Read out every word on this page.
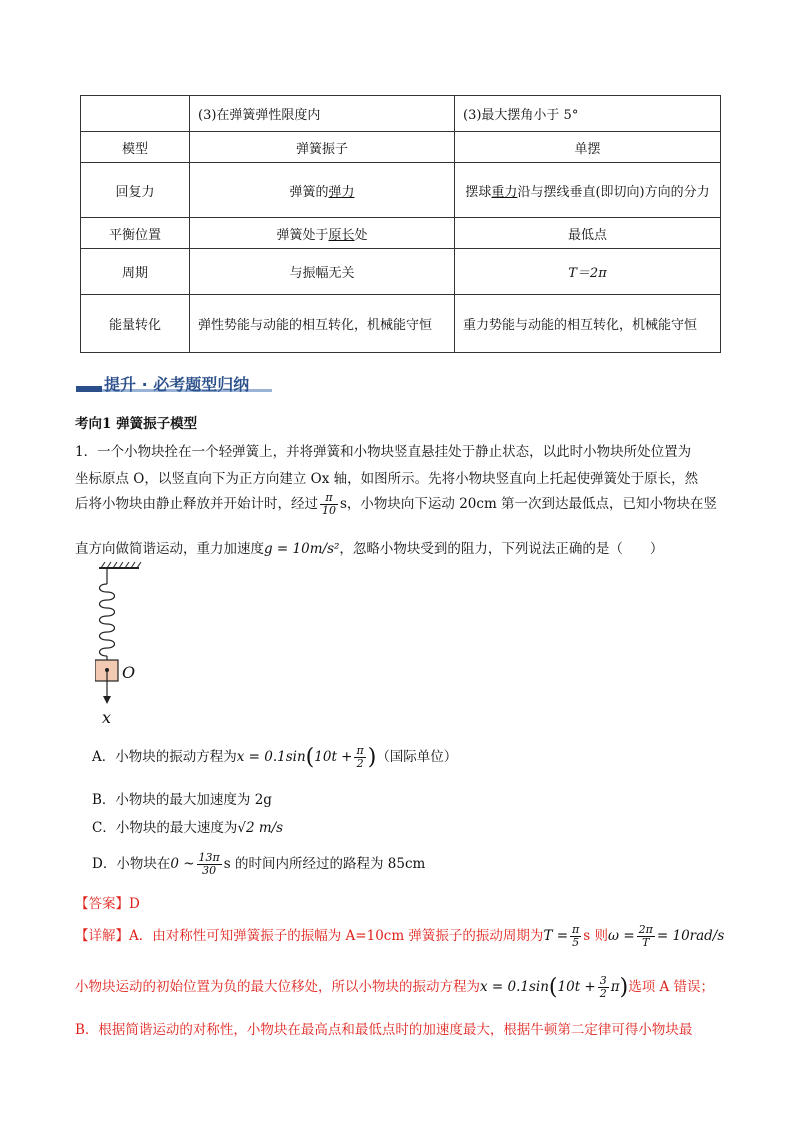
	(3)在弹簧弹性限度内	(3)最大摆角小于 5°
模型	弹簧振子	单摆
回复力	弹簧的弹力	摆球重力沿与摆线垂直(即切向)方向的分力
平衡位置	弹簧处于原长处	最低点
周期	与振幅无关	T＝2π
能量转化	弹性势能与动能的相互转化，机械能守恒	重力势能与动能的相互转化，机械能守恒
提升 · 必考题型归纳
考向1 弹簧振子模型
1．一个小物块拴在一个轻弹簧上，并将弹簧和小物块竖直悬挂处于静止状态，以此时小物块所处位置为
坐标原点 O，以竖直向下为正方向建立 Ox 轴，如图所示。先将小物块竖直向上托起使弹簧处于原长，然
后将小物块由静止释放并开始计时，经过 $\frac{\pi}{10}$ s，小物块向下运动 20cm 第一次到达最低点，已知小物块在竖
直方向做简谐运动，重力加速度g = 10m/s²，忽略小物块受到的阻力，下列说法正确的是（　　）
O
x
A．小物块的振动方程为$x = 0.1\sin(10t + \frac{\pi}{2}$ )（国际单位）
B．小物块的最大加速度为 2g
C．小物块的最大速度为√2 m/s
D．小物块在0 ~ $\frac{13\pi}{30}$ s 的时间内所经过的路程为 85cm
【答案】D
【详解】A．由对称性可知弹簧振子的振幅为 A=10cm 弹簧振子的振动周期为$T = \frac{\pi}{5}$ s 则$\omega = \frac{2\pi}{T} = 10rad/s$
小物块运动的初始位置为负的最大位移处，所以小物块的振动方程为$x = 0.1\sin(10t + \frac{3}{2} \pi)$选项 A 错误；
B．根据简谐运动的对称性，小物块在最高点和最低点时的加速度最大，根据牛顿第二定律可得小物块最
